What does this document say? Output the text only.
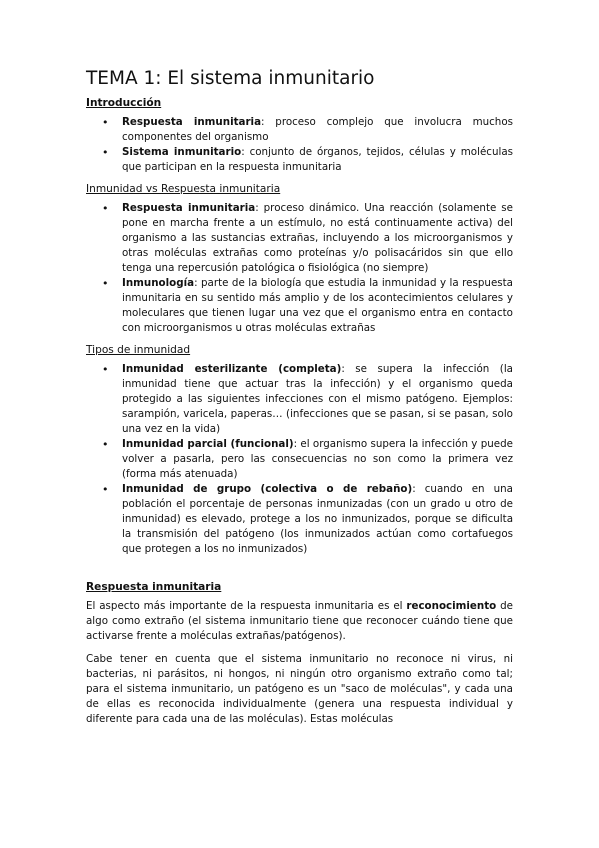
TEMA 1: El sistema inmunitario
Introducción
• Respuesta inmunitaria: proceso complejo que involucra muchos componentes del organismo
• Sistema inmunitario: conjunto de órganos, tejidos, células y moléculas que participan en la respuesta inmunitaria
Inmunidad vs Respuesta inmunitaria
• Respuesta inmunitaria: proceso dinámico. Una reacción (solamente se pone en marcha frente a un estímulo, no está continuamente activa) del organismo a las sustancias extrañas, incluyendo a los microorganismos y otras moléculas extrañas como proteínas y/o polisacáridos sin que ello tenga una repercusión patológica o fisiológica (no siempre)
• Inmunología: parte de la biología que estudia la inmunidad y la respuesta inmunitaria en su sentido más amplio y de los acontecimientos celulares y moleculares que tienen lugar una vez que el organismo entra en contacto con microorganismos u otras moléculas extrañas
Tipos de inmunidad
• Inmunidad esterilizante (completa): se supera la infección (la inmunidad tiene que actuar tras la infección) y el organismo queda protegido a las siguientes infecciones con el mismo patógeno. Ejemplos: sarampión, varicela, paperas… (infecciones que se pasan, si se pasan, solo una vez en la vida)
• Inmunidad parcial (funcional): el organismo supera la infección y puede volver a pasarla, pero las consecuencias no son como la primera vez (forma más atenuada)
• Inmunidad de grupo (colectiva o de rebaño): cuando en una población el porcentaje de personas inmunizadas (con un grado u otro de inmunidad) es elevado, protege a los no inmunizados, porque se dificulta la transmisión del patógeno (los inmunizados actúan como cortafuegos que protegen a los no inmunizados)
Respuesta inmunitaria

El aspecto más importante de la respuesta inmunitaria es el reconocimiento de algo como extraño (el sistema inmunitario tiene que reconocer cuándo tiene que activarse frente a moléculas extrañas/patógenos).

Cabe tener en cuenta que el sistema inmunitario no reconoce ni virus, ni bacterias, ni parásitos, ni hongos, ni ningún otro organismo extraño como tal; para el sistema inmunitario, un patógeno es un "saco de moléculas", y cada una de ellas es reconocida individualmente (genera una respuesta individual y diferente para cada una de las moléculas). Estas moléculas
